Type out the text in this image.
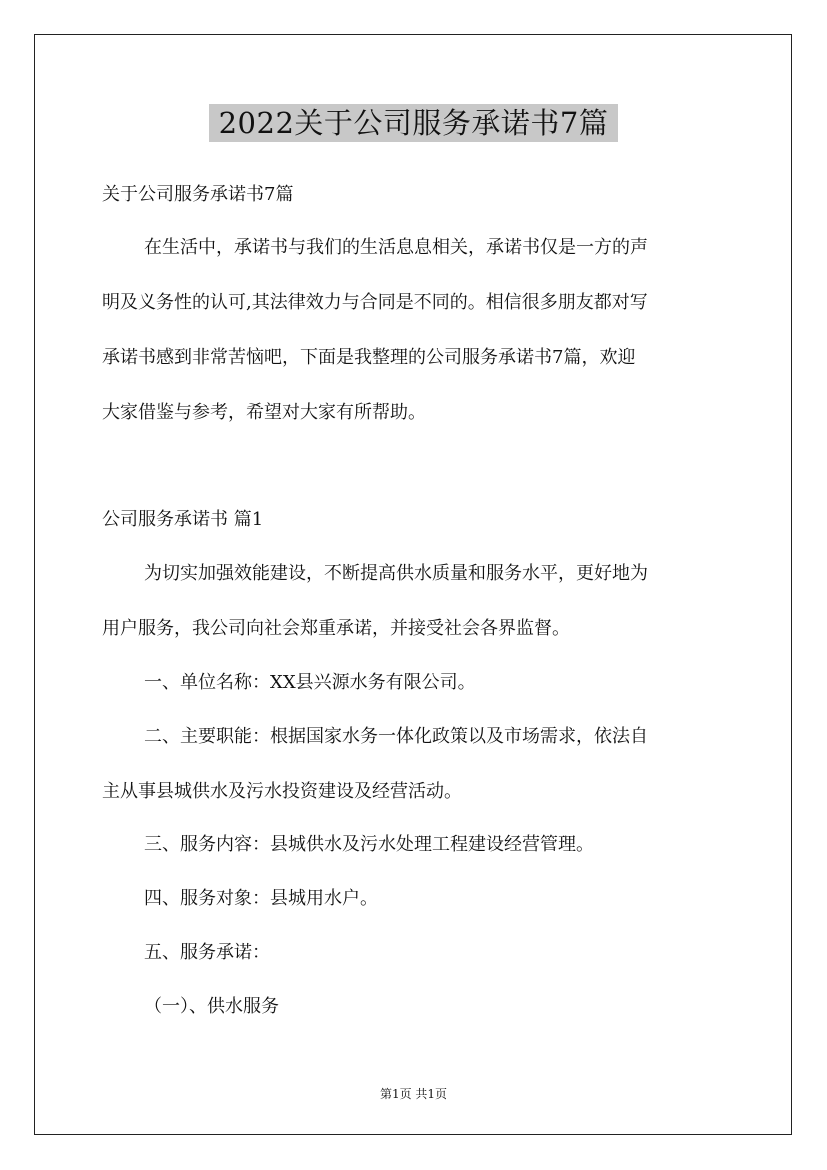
2022关于公司服务承诺书7篇
关于公司服务承诺书7篇
在生活中，承诺书与我们的生活息息相关，承诺书仅是一方的声
明及义务性的认可,其法律效力与合同是不同的。相信很多朋友都对写
承诺书感到非常苦恼吧，下面是我整理的公司服务承诺书7篇，欢迎
大家借鉴与参考，希望对大家有所帮助。
公司服务承诺书 篇1
为切实加强效能建设，不断提高供水质量和服务水平，更好地为
用户服务，我公司向社会郑重承诺，并接受社会各界监督。
一、单位名称：XX县兴源水务有限公司。
二、主要职能：根据国家水务一体化政策以及市场需求，依法自
主从事县城供水及污水投资建设及经营活动。
三、服务内容：县城供水及污水处理工程建设经营管理。
四、服务对象：县城用水户。
五、服务承诺：
（一）、供水服务
第1页 共1页
